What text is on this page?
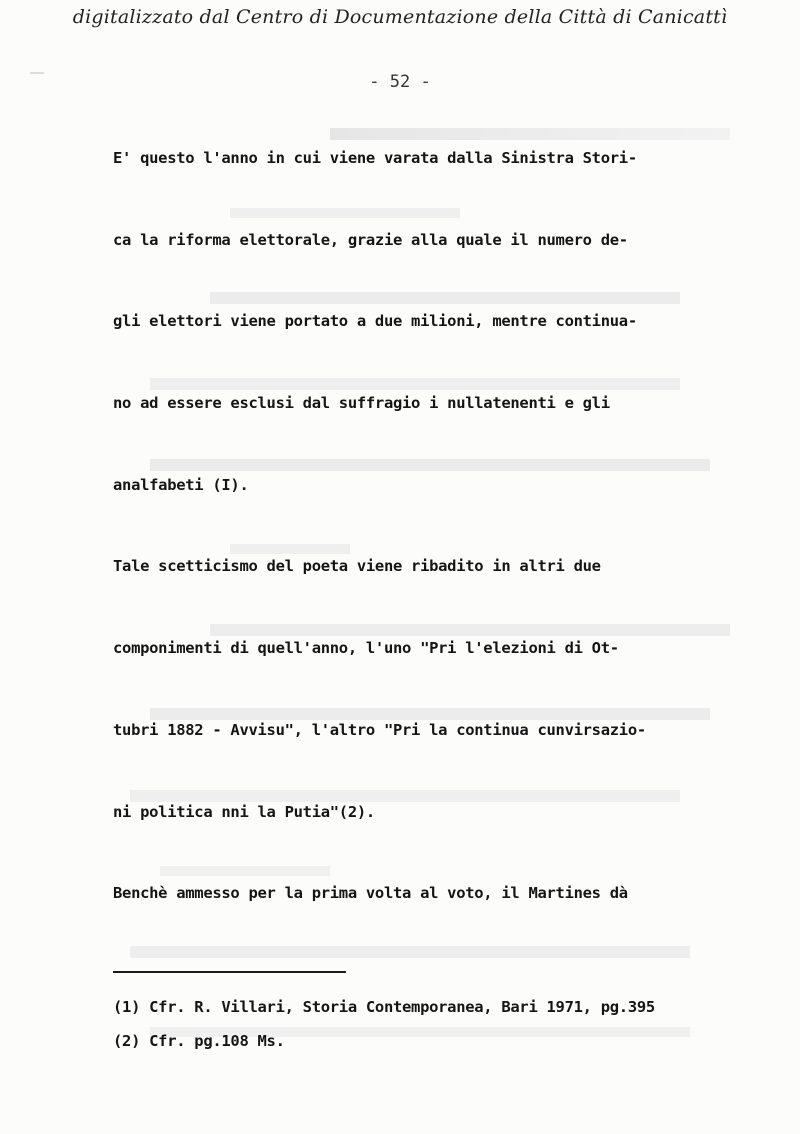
digitalizzato dal Centro di Documentazione della Città di Canicattì
- 52 -
E' questo l'anno in cui viene varata dalla Sinistra Stori-
ca la riforma elettorale, grazie alla quale il numero de-
gli elettori viene portato a due milioni, mentre continua-
no ad essere esclusi dal suffragio i nullatenenti e gli
analfabeti (I).
Tale scetticismo del poeta viene ribadito in altri due
componimenti di quell'anno, l'uno "Pri l'elezioni di Ot-
tubri 1882 - Avvisu", l'altro "Pri la continua cunvirsazio-
ni politica nni la Putia"(2).
Benchè ammesso per la prima volta al voto, il Martines dà
(1) Cfr. R. Villari, Storia Contemporanea, Bari 1971, pg.395
(2) Cfr. pg.108 Ms.
